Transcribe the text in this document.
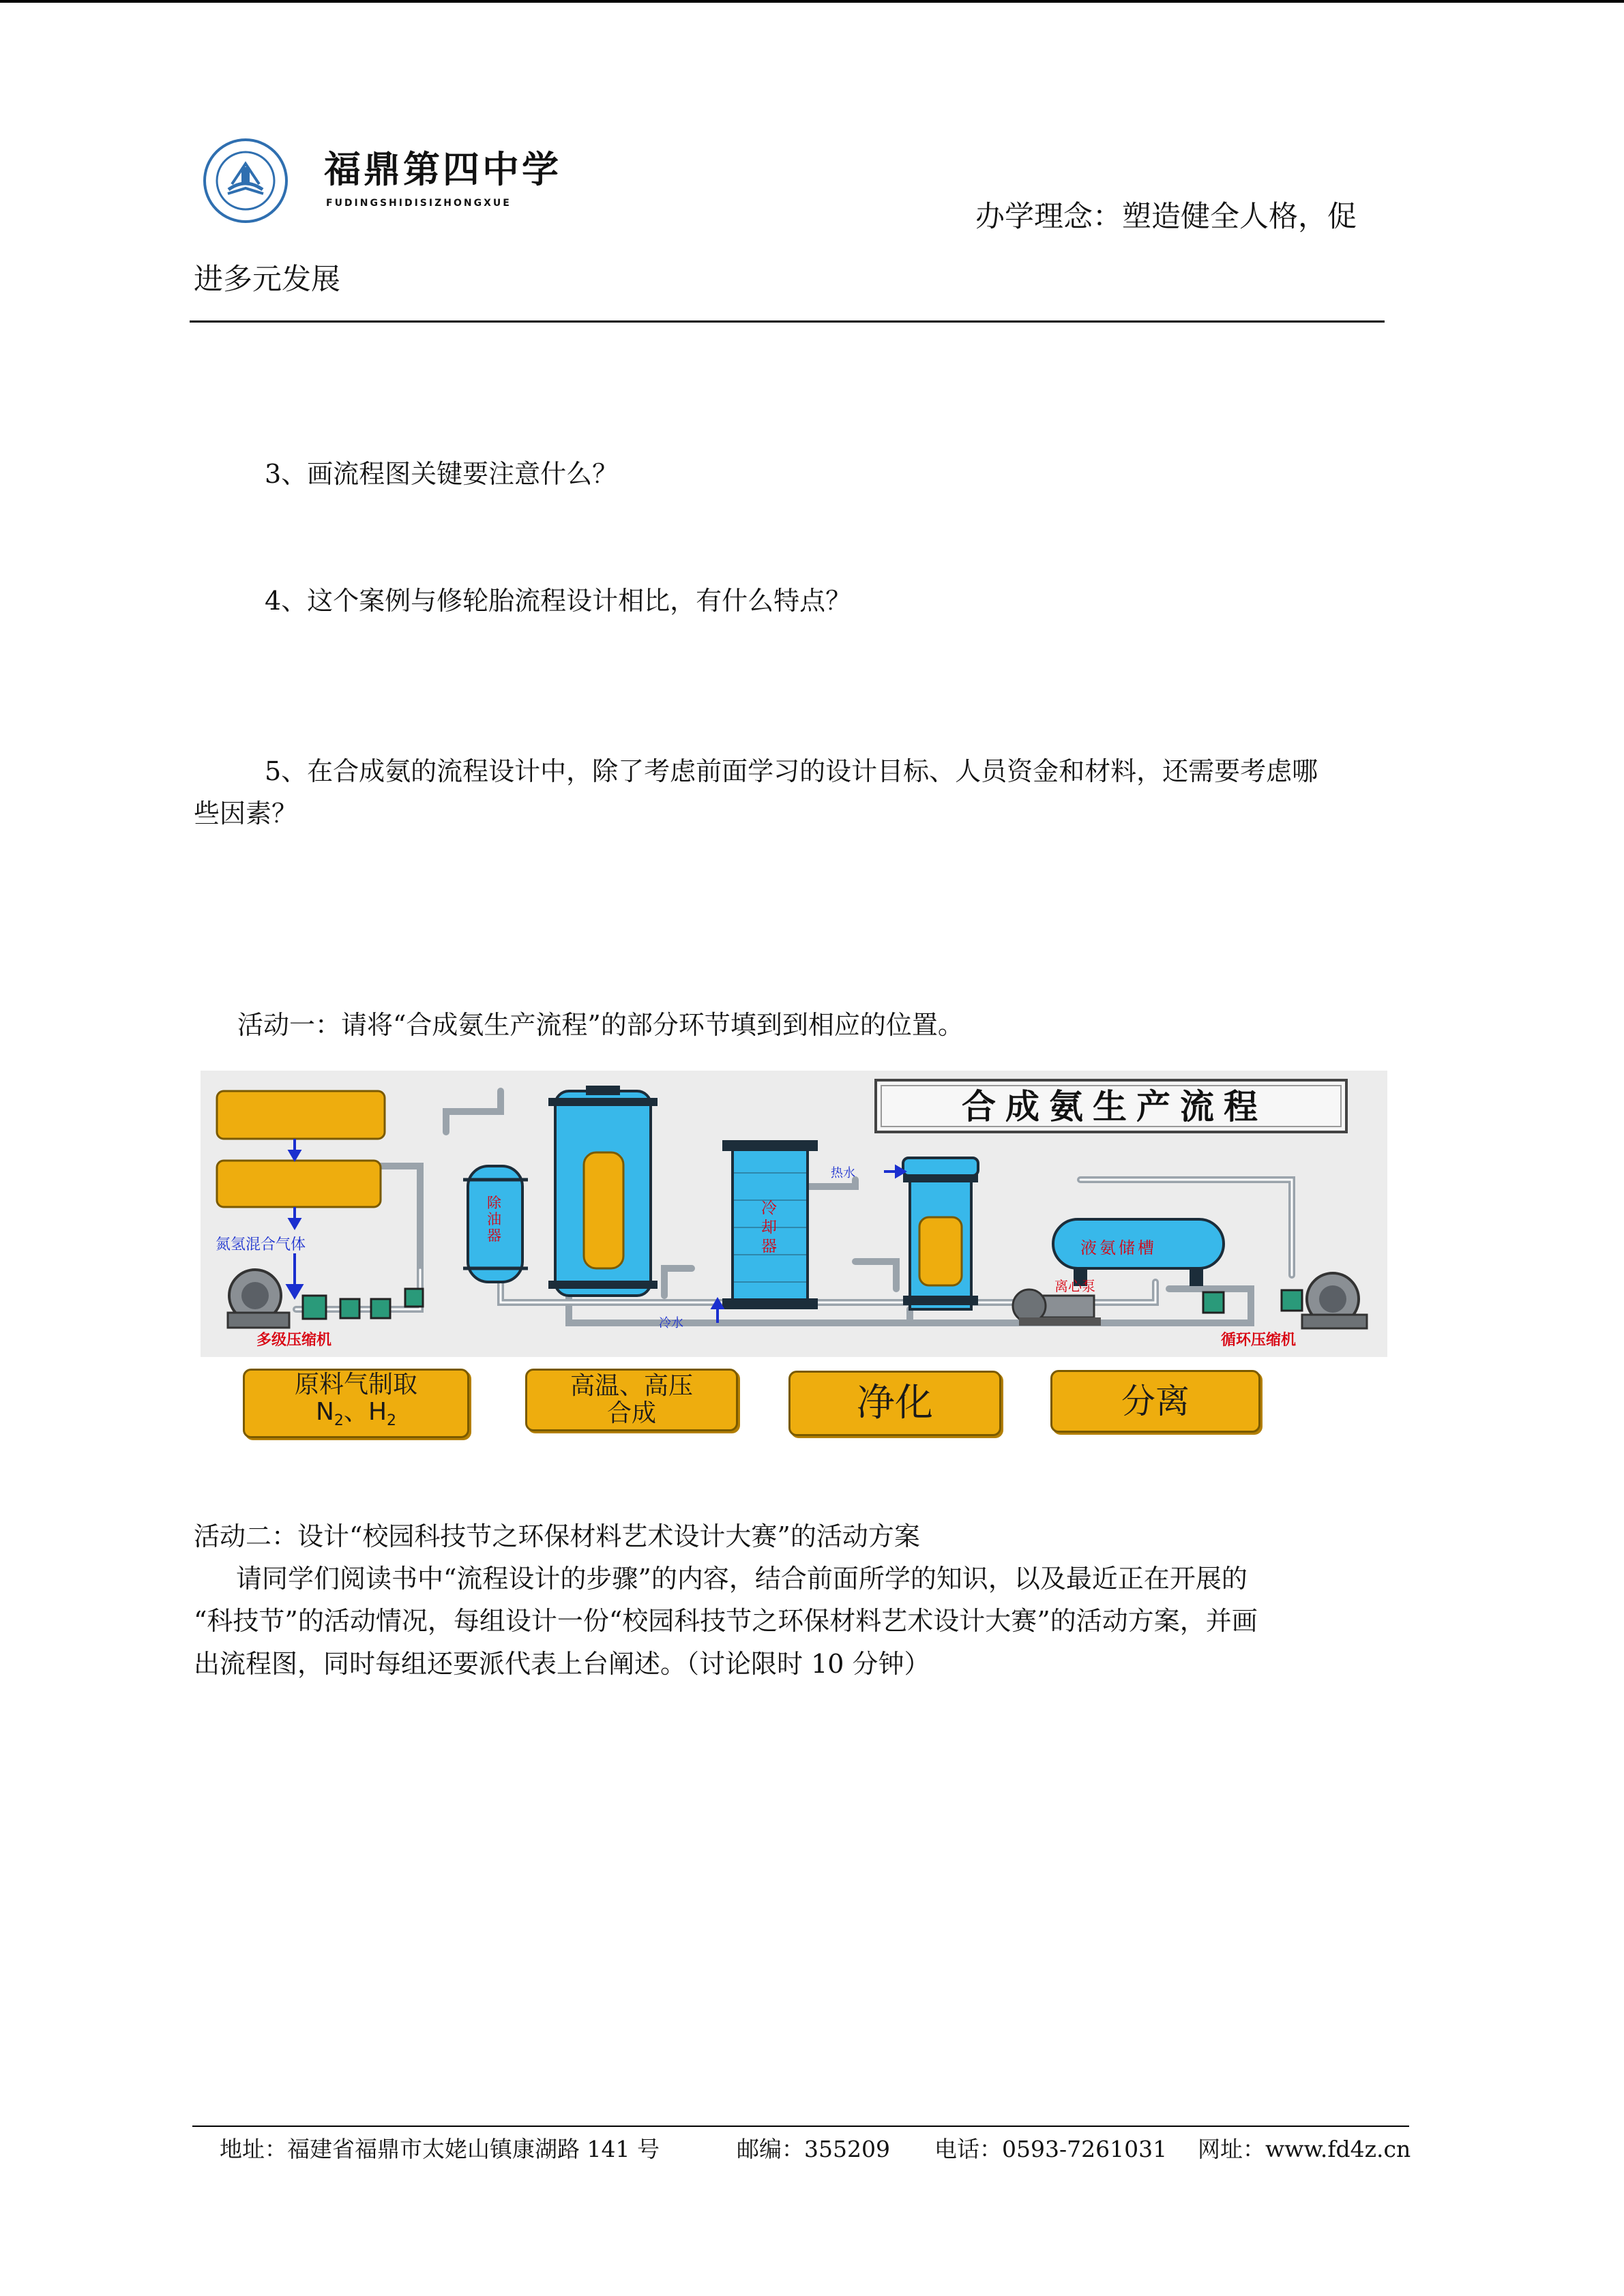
福鼎第四中学
FUDINGSHIDISIZHONGXUE	办学理念：塑造健全人格，促
进多元发展
3、画流程图关键要注意什么？
4、这个案例与修轮胎流程设计相比，有什么特点？
5、在合成氨的流程设计中，除了考虑前面学习的设计目标、人员资金和材料，还需要考虑哪
些因素？
活动一：请将“合成氨生产流程”的部分环节填到到相应的位置。
合成氨生产流程
氮氢混合气体
多级压缩机
除油器
冷却器
热水
冷水
液氨储槽
离心泵
循环压缩机
原料气制取
$N_2$、$H_2$
高温、高压
合成	净化	分离
活动二：设计“校园科技节之环保材料艺术设计大赛”的活动方案
请同学们阅读书中“流程设计的步骤”的内容，结合前面所学的知识，以及最近正在开展的
“科技节”的活动情况，每组设计一份“校园科技节之环保材料艺术设计大赛”的活动方案，并画
出流程图，同时每组还要派代表上台阐述。（讨论限时 10 分钟）
地址：福建省福鼎市太姥山镇康湖路 141 号	邮编：355209 电话：0593-7261031 网址：www.fd4z.cn
